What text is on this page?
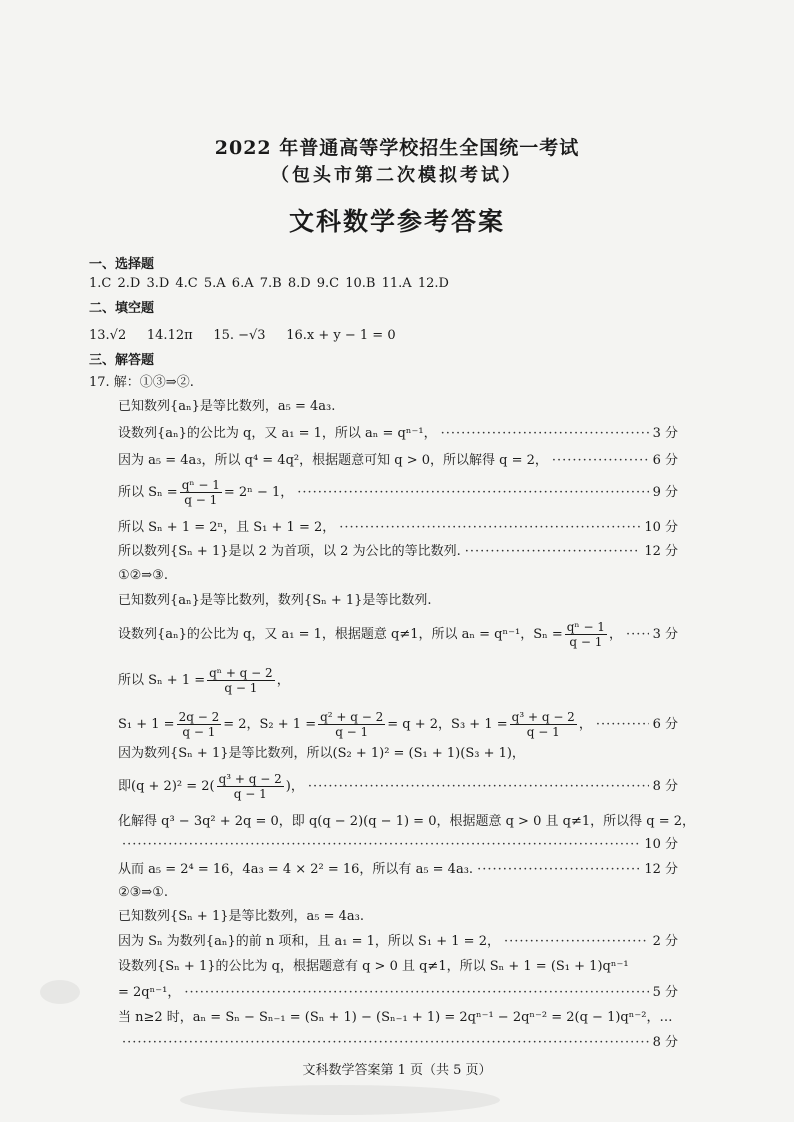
2022 年普通高等学校招生全国统一考试
（包头市第二次模拟考试）
文科数学参考答案
一、选择题
1.C 2.D 3.D 4.C 5.A 6.A 7.B 8.D 9.C 10.B 11.A 12.D
二、填空题
13.√2     14.12π     15. −√3     16.x + y − 1 = 0
三、解答题
17. 解：①③⇒②.
已知数列{aₙ}是等比数列，a₅ = 4a₃.
设数列{aₙ}的公比为 q，又 a₁ = 1，所以 aₙ = qⁿ⁻¹， ·····	3 分
因为 a₅ = 4a₃，所以 q⁴ = 4q²，根据题意可知 q > 0，所以解得 q = 2， ·····	6 分
所以 $S_n = \frac{\text{qⁿ − 1}}{q - 1} = 2^n - 1$， ·····	9 分
所以 Sₙ + 1 = 2ⁿ，且 S₁ + 1 = 2， ·····	10 分
所以数列{Sₙ + 1}是以 2 为首项，以 2 为公比的等比数列. ·····	12 分
①②⇒③.
已知数列{aₙ}是等比数列，数列{Sₙ + 1}是等比数列.
设数列{aₙ}的公比为 q，又 a₁ = 1，根据题意 q≠1，所以 aₙ = qⁿ⁻¹，$S_n = \frac{\text{qⁿ − 1}}{q - 1}$ ， ····· 3 分
所以 $S_n + 1 = \frac{\text{qⁿ + q − 2}}{q - 1}$ ，
$S_1 + 1 = \frac{2q - 2}{q - 1} = 2$，$S_2 + 1 = \frac{\text{q² + q − 2}}{q - 1} = q + 2$，$S_3 + 1 = \frac{\text{q³ + q − 2}}{q - 1}$ ， ·····	6 分
因为数列{Sₙ + 1}是等比数列，所以(S₂ + 1)² = (S₁ + 1)(S₃ + 1)，
即$(q + 2)^2 = 2( \frac{\text{q³ + q − 2}}{q - 1}$ )， ·····	8 分
化解得 q³ − 3q² + 2q = 0，即 q(q − 2)(q − 1) = 0，根据题意 q > 0 且 q≠1，所以得 q = 2，
·····
10 分
从而 a₅ = 2⁴ = 16，4a₃ = 4 × 2² = 16，所以有 a₅ = 4a₃. ·····	12 分
②③⇒①.
已知数列{Sₙ + 1}是等比数列，a₅ = 4a₃.
因为 Sₙ 为数列{aₙ}的前 n 项和，且 a₁ = 1，所以 S₁ + 1 = 2， ·····	2 分
设数列{Sₙ + 1}的公比为 q，根据题意有 q > 0 且 q≠1，所以 Sₙ + 1 = (S₁ + 1)qⁿ⁻¹
= 2qⁿ⁻¹， ·····	5 分
当 n≥2 时，aₙ = Sₙ − Sₙ₋₁ = (Sₙ + 1) − (Sₙ₋₁ + 1) = 2qⁿ⁻¹ − 2qⁿ⁻² = 2(q − 1)qⁿ⁻²，…
·····
8 分
文科数学答案第 1 页（共 5 页）
